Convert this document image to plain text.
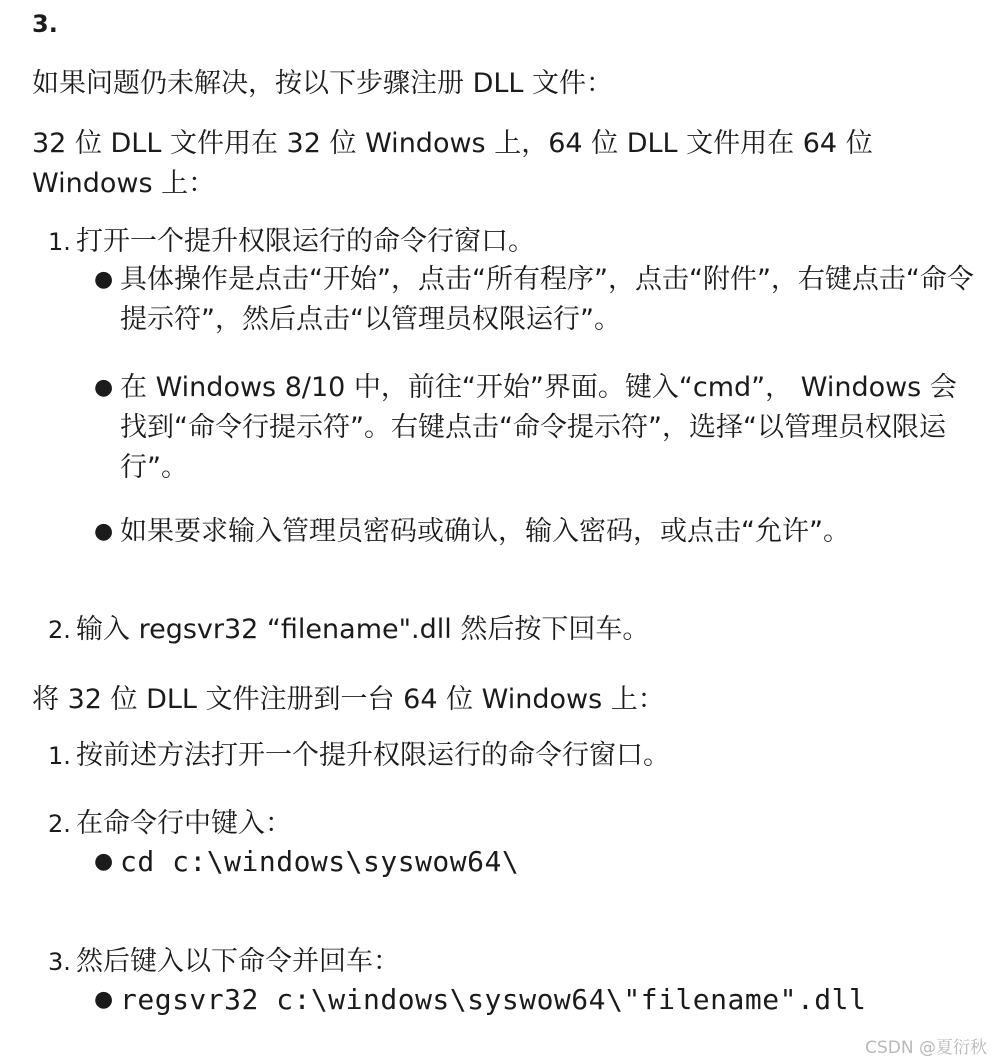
3.
如果问题仍未解决，按以下步骤注册 DLL 文件：
32 位 DLL 文件用在 32 位 Windows 上，64 位 DLL 文件用在 64 位 Windows 上：
1. 打开一个提升权限运行的命令行窗口。
● 具体操作是点击“开始”，点击“所有程序”，点击“附件”，右键点击“命令提示符”，然后点击“以管理员权限运行”。
● 在 Windows 8/10 中，前往“开始”界面。键入“cmd”， Windows 会找到“命令行提示符”。右键点击“命令提示符”，选择“以管理员权限运行”。
● 如果要求输入管理员密码或确认，输入密码，或点击“允许”。
2. 输入 regsvr32 “filename".dll 然后按下回车。
将 32 位 DLL 文件注册到一台 64 位 Windows 上：
1. 按前述方法打开一个提升权限运行的命令行窗口。
2. 在命令行中键入：
● cd c:\windows\syswow64\
3. 然后键入以下命令并回车：
● regsvr32 c:\windows\syswow64\"filename".dll
CSDN @夏衍秋
